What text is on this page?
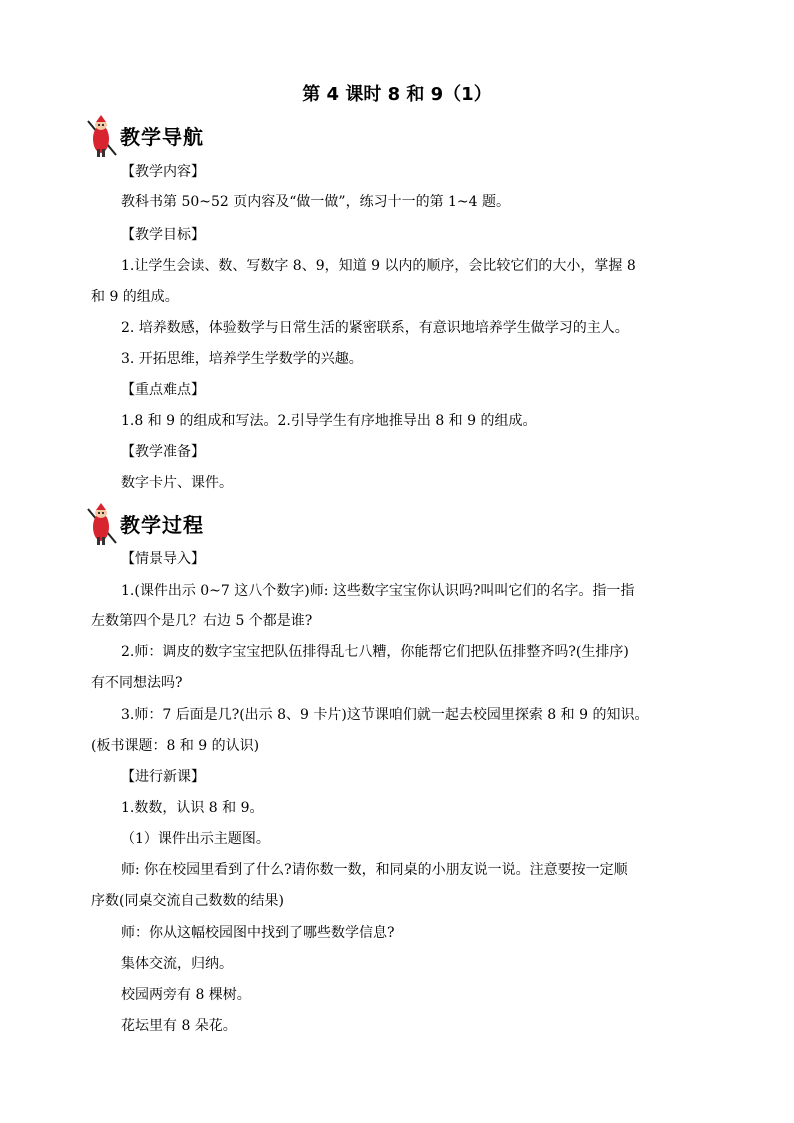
第 4 课时 8 和 9（1）
教学导航
【教学内容】
教科书第 50~52 页内容及“做一做”，练习十一的第 1~4 题。
【教学目标】
1.让学生会读、数、写数字 8、9，知道 9 以内的顺序，会比较它们的大小，掌握 8
和 9 的组成。
2. 培养数感，体验数学与日常生活的紧密联系，有意识地培养学生做学习的主人。
3. 开拓思维，培养学生学数学的兴趣。
【重点难点】
1.8 和 9 的组成和写法。2.引导学生有序地推导出 8 和 9 的组成。
【教学准备】
数字卡片、课件。
教学过程
【情景导入】
1.(课件出示 0~7 这八个数字)师: 这些数字宝宝你认识吗?叫叫它们的名字。指一指
左数第四个是几？右边 5 个都是谁?
2.师：调皮的数字宝宝把队伍排得乱七八糟，你能帮它们把队伍排整齐吗?(生排序)
有不同想法吗?
3.师：7 后面是几?(出示 8、9 卡片)这节课咱们就一起去校园里探索 8 和 9 的知识。
(板书课题：8 和 9 的认识)
【进行新课】
1.数数，认识 8 和 9。
（1）课件出示主题图。
师: 你在校园里看到了什么?请你数一数，和同桌的小朋友说一说。注意要按一定顺
序数(同桌交流自己数数的结果)
师：你从这幅校园图中找到了哪些数学信息?
集体交流，归纳。
校园两旁有 8 棵树。
花坛里有 8 朵花。
